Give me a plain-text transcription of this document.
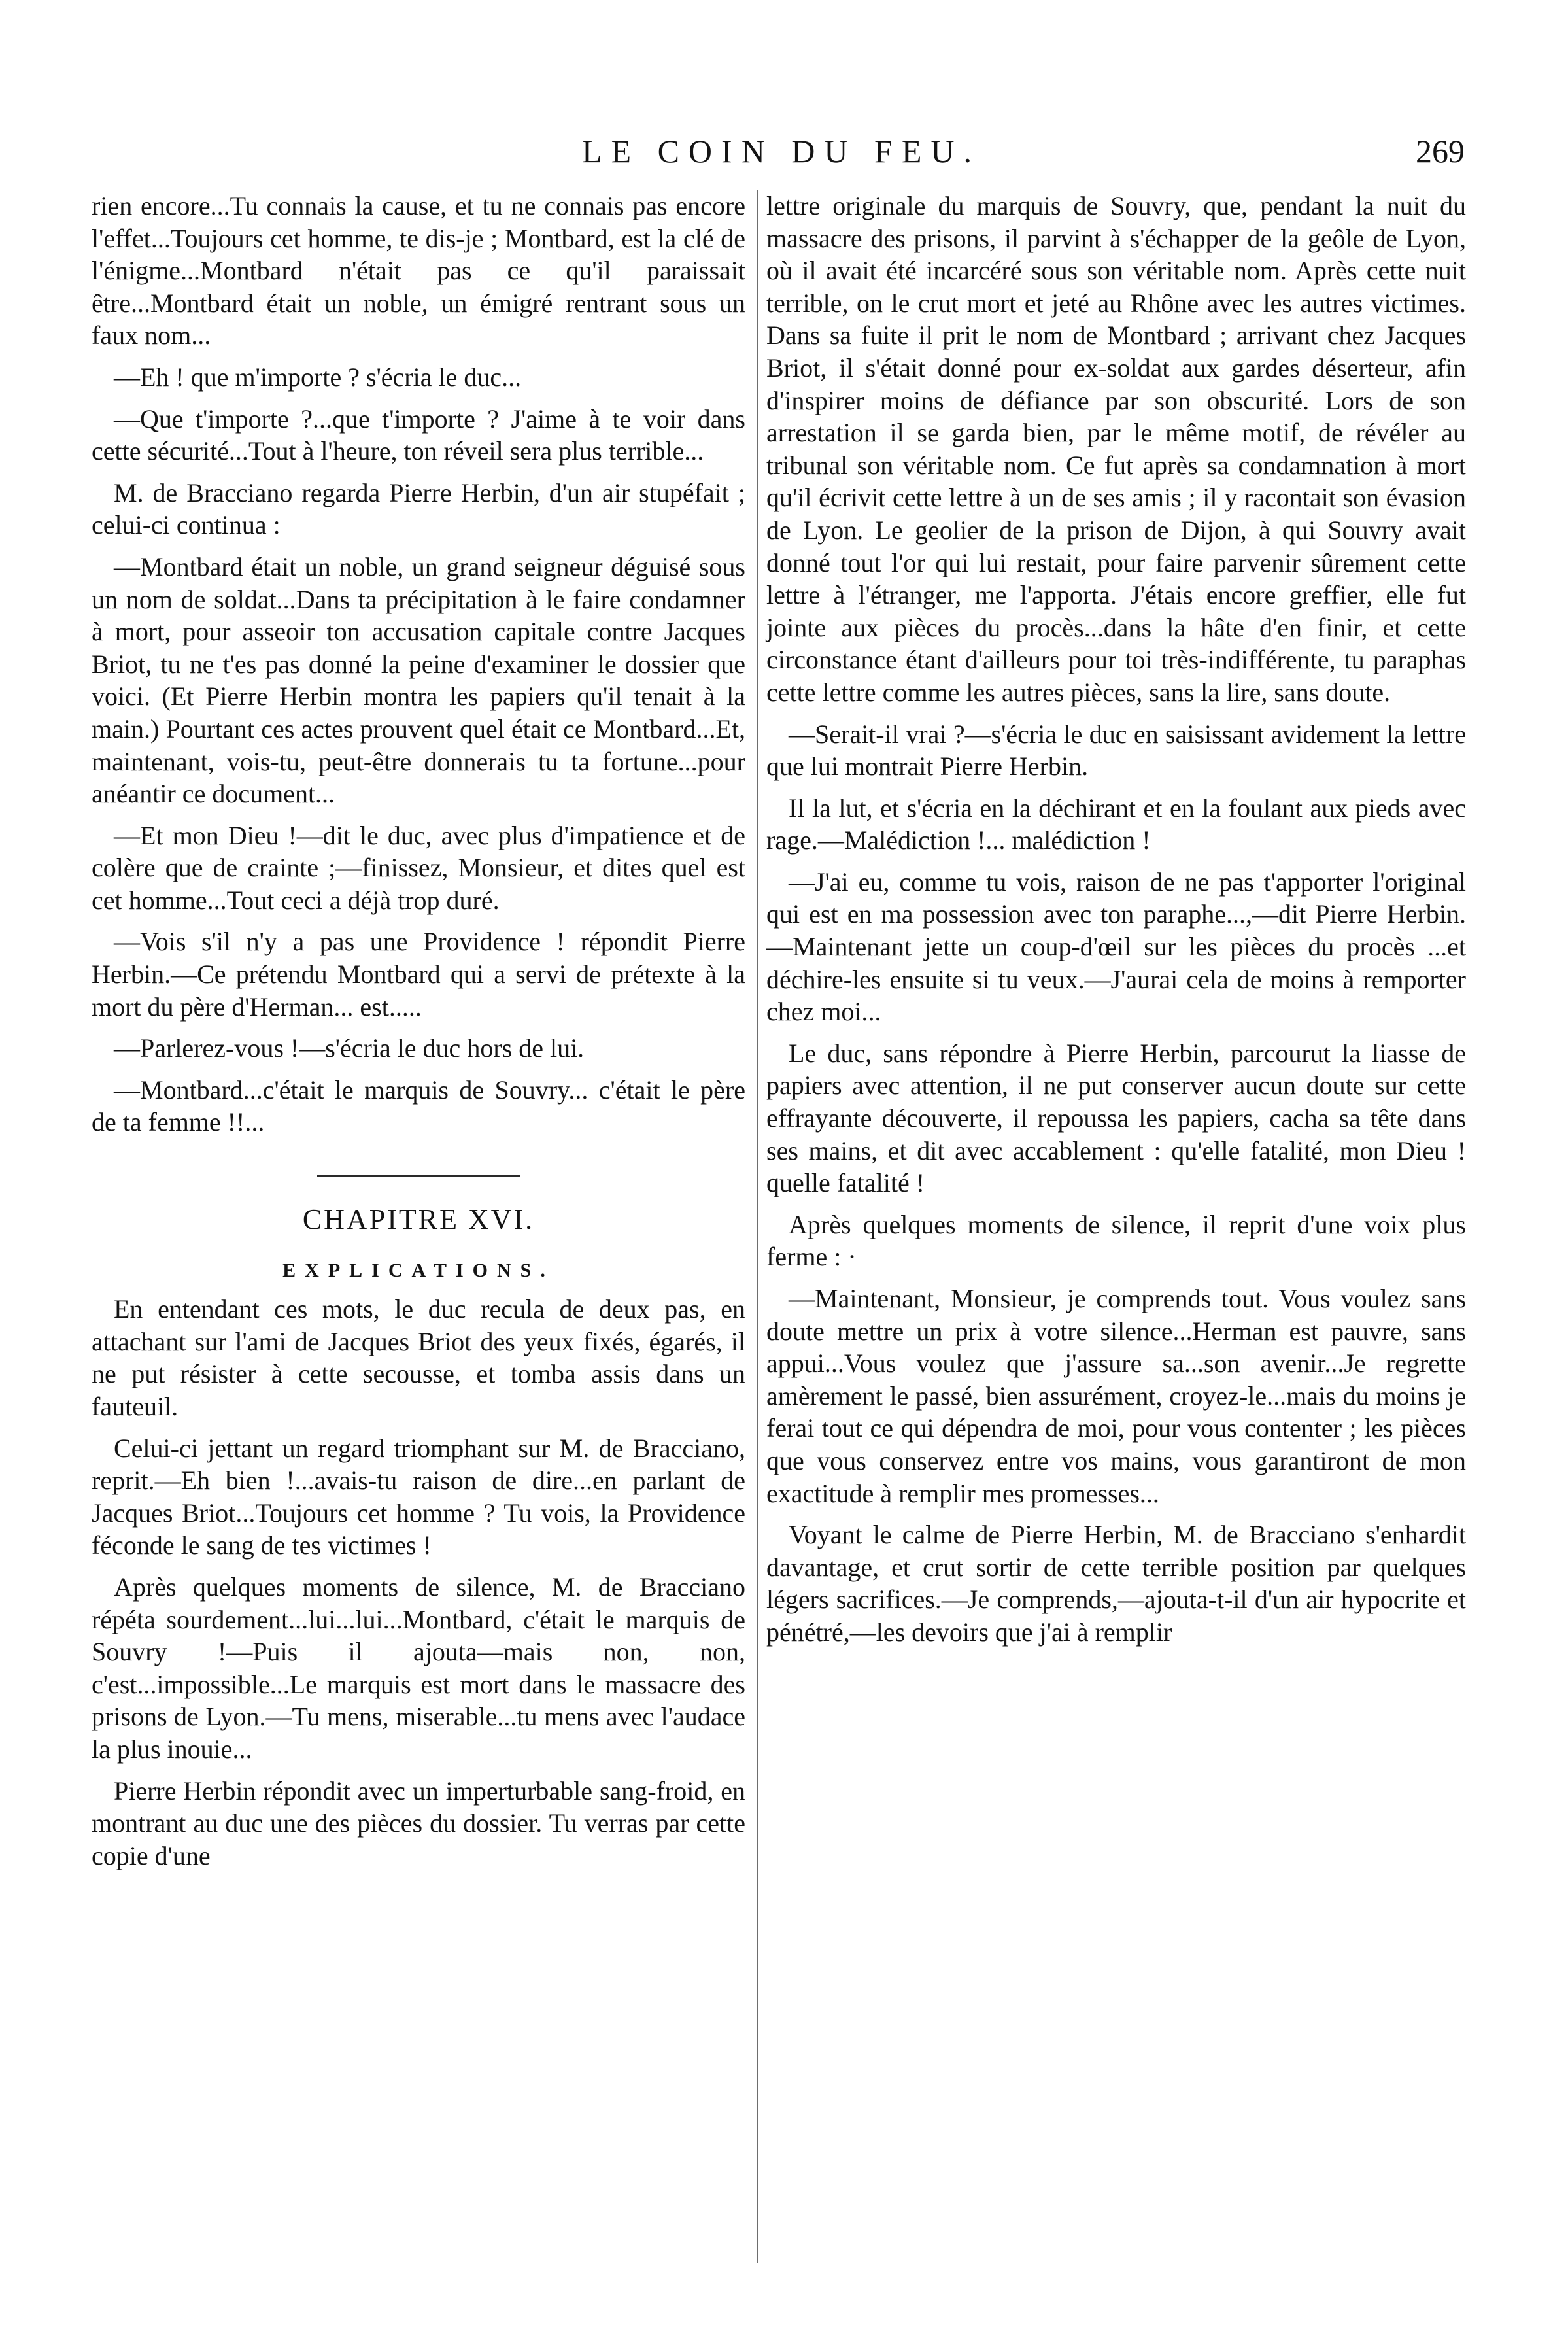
LE COIN DU FEU.	269

rien encore...Tu connais la cause, et tu ne connais pas encore l'effet...Toujours cet homme, te dis-je ; Montbard, est la clé de l'énigme...Montbard n'était pas ce qu'il paraissait être...Montbard était un noble, un émigré rentrant sous un faux nom...

—Eh ! que m'importe ? s'écria le duc...

—Que t'importe ?...que t'importe ? J'aime à te voir dans cette sécurité...Tout à l'heure, ton réveil sera plus terrible...

M. de Bracciano regarda Pierre Herbin, d'un air stupéfait ; celui-ci continua :

—Montbard était un noble, un grand seigneur déguisé sous un nom de soldat...Dans ta précipitation à le faire condamner à mort, pour asseoir ton accusation capitale contre Jacques Briot, tu ne t'es pas donné la peine d'examiner le dossier que voici. (Et Pierre Herbin montra les papiers qu'il tenait à la main.) Pourtant ces actes prouvent quel était ce Montbard...Et, maintenant, vois-tu, peut-être donnerais tu ta fortune...pour anéantir ce document...

—Et mon Dieu !—dit le duc, avec plus d'impatience et de colère que de crainte ;—finissez, Monsieur, et dites quel est cet homme...Tout ceci a déjà trop duré.

—Vois s'il n'y a pas une Providence ! répondit Pierre Herbin.—Ce prétendu Montbard qui a servi de prétexte à la mort du père d'Herman... est.....

—Parlerez-vous !—s'écria le duc hors de lui.

—Montbard...c'était le marquis de Souvry... c'était le père de ta femme !!...

CHAPITRE XVI.
EXPLICATIONS.

En entendant ces mots, le duc recula de deux pas, en attachant sur l'ami de Jacques Briot des yeux fixés, égarés, il ne put résister à cette secousse, et tomba assis dans un fauteuil.

Celui-ci jettant un regard triomphant sur M. de Bracciano, reprit.—Eh bien !...avais-tu raison de dire...en parlant de Jacques Briot...Toujours cet homme ? Tu vois, la Providence féconde le sang de tes victimes !

Après quelques moments de silence, M. de Bracciano répéta sourdement...lui...lui...Montbard, c'était le marquis de Souvry !—Puis il ajouta—mais non, non, c'est...impossible...Le marquis est mort dans le massacre des prisons de Lyon.—Tu mens, miserable...tu mens avec l'audace la plus inouie...

Pierre Herbin répondit avec un imperturbable sang-froid, en montrant au duc une des pièces du dossier. Tu verras par cette copie d'une

lettre originale du marquis de Souvry, que, pendant la nuit du massacre des prisons, il parvint à s'échapper de la geôle de Lyon, où il avait été incarcéré sous son véritable nom. Après cette nuit terrible, on le crut mort et jeté au Rhône avec les autres victimes. Dans sa fuite il prit le nom de Montbard ; arrivant chez Jacques Briot, il s'était donné pour ex-soldat aux gardes déserteur, afin d'inspirer moins de défiance par son obscurité. Lors de son arrestation il se garda bien, par le même motif, de révéler au tribunal son véritable nom. Ce fut après sa condamnation à mort qu'il écrivit cette lettre à un de ses amis ; il y racontait son évasion de Lyon. Le geolier de la prison de Dijon, à qui Souvry avait donné tout l'or qui lui restait, pour faire parvenir sûrement cette lettre à l'étranger, me l'apporta. J'étais encore greffier, elle fut jointe aux pièces du procès...dans la hâte d'en finir, et cette circonstance étant d'ailleurs pour toi très-indifférente, tu paraphas cette lettre comme les autres pièces, sans la lire, sans doute.

—Serait-il vrai ?—s'écria le duc en saisissant avidement la lettre que lui montrait Pierre Herbin.

Il la lut, et s'écria en la déchirant et en la foulant aux pieds avec rage.—Malédiction !... malédiction !

—J'ai eu, comme tu vois, raison de ne pas t'apporter l'original qui est en ma possession avec ton paraphe...,—dit Pierre Herbin.—Maintenant jette un coup-d'œil sur les pièces du procès ...et déchire-les ensuite si tu veux.—J'aurai cela de moins à remporter chez moi...

Le duc, sans répondre à Pierre Herbin, parcourut la liasse de papiers avec attention, il ne put conserver aucun doute sur cette effrayante découverte, il repoussa les papiers, cacha sa tête dans ses mains, et dit avec accablement : qu'elle fatalité, mon Dieu ! quelle fatalité !

Après quelques moments de silence, il reprit d'une voix plus ferme : ·

—Maintenant, Monsieur, je comprends tout. Vous voulez sans doute mettre un prix à votre silence...Herman est pauvre, sans appui...Vous voulez que j'assure sa...son avenir...Je regrette amèrement le passé, bien assurément, croyez-le...mais du moins je ferai tout ce qui dépendra de moi, pour vous contenter ; les pièces que vous conservez entre vos mains, vous garantiront de mon exactitude à remplir mes promesses...

Voyant le calme de Pierre Herbin, M. de Bracciano s'enhardit davantage, et crut sortir de cette terrible position par quelques légers sacrifices.—Je comprends,—ajouta-t-il d'un air hypocrite et pénétré,—les devoirs que j'ai à remplir
